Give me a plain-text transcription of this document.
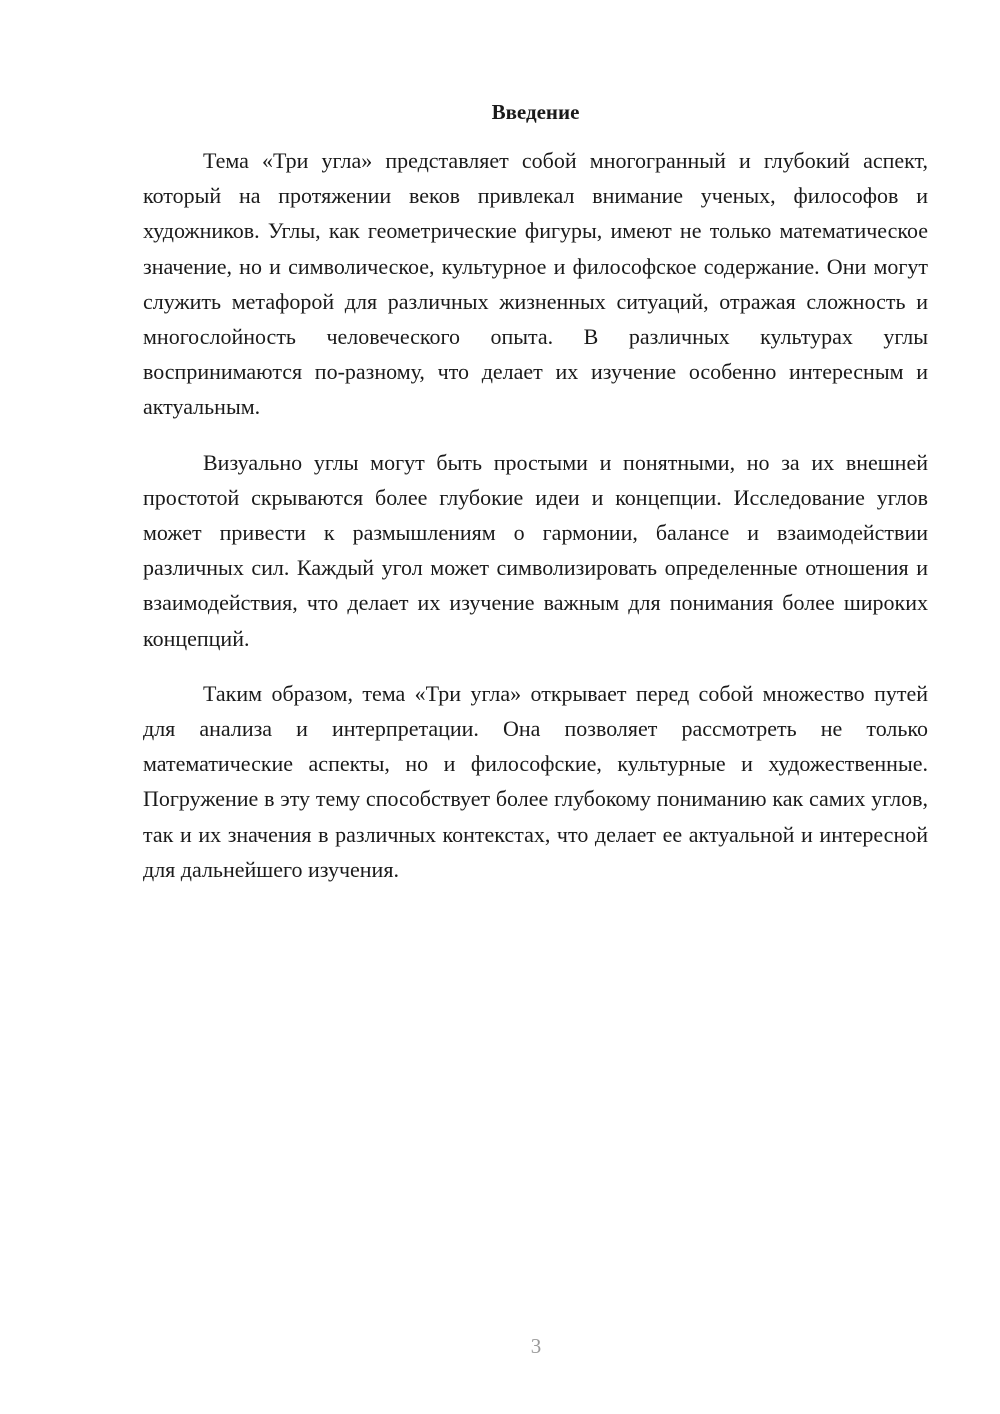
Введение

Тема «Три угла» представляет собой многогранный и глубокий аспект, который на протяжении веков привлекал внимание ученых, философов и художников. Углы, как геометрические фигуры, имеют не только математическое значение, но и символическое, культурное и философское содержание. Они могут служить метафорой для различных жизненных ситуаций, отражая сложность и многослойность человеческого опыта. В различных культурах углы воспринимаются по-разному, что делает их изучение особенно интересным и актуальным.

Визуально углы могут быть простыми и понятными, но за их внешней простотой скрываются более глубокие идеи и концепции. Исследование углов может привести к размышлениям о гармонии, балансе и взаимодействии различных сил. Каждый угол может символизировать определенные отношения и взаимодействия, что делает их изучение важным для понимания более широких концепций.

Таким образом, тема «Три угла» открывает перед собой множество путей для анализа и интерпретации. Она позволяет рассмотреть не только математические аспекты, но и философские, культурные и художественные. Погружение в эту тему способствует более глубокому пониманию как самих углов, так и их значения в различных контекстах, что делает ее актуальной и интересной для дальнейшего изучения.

3
